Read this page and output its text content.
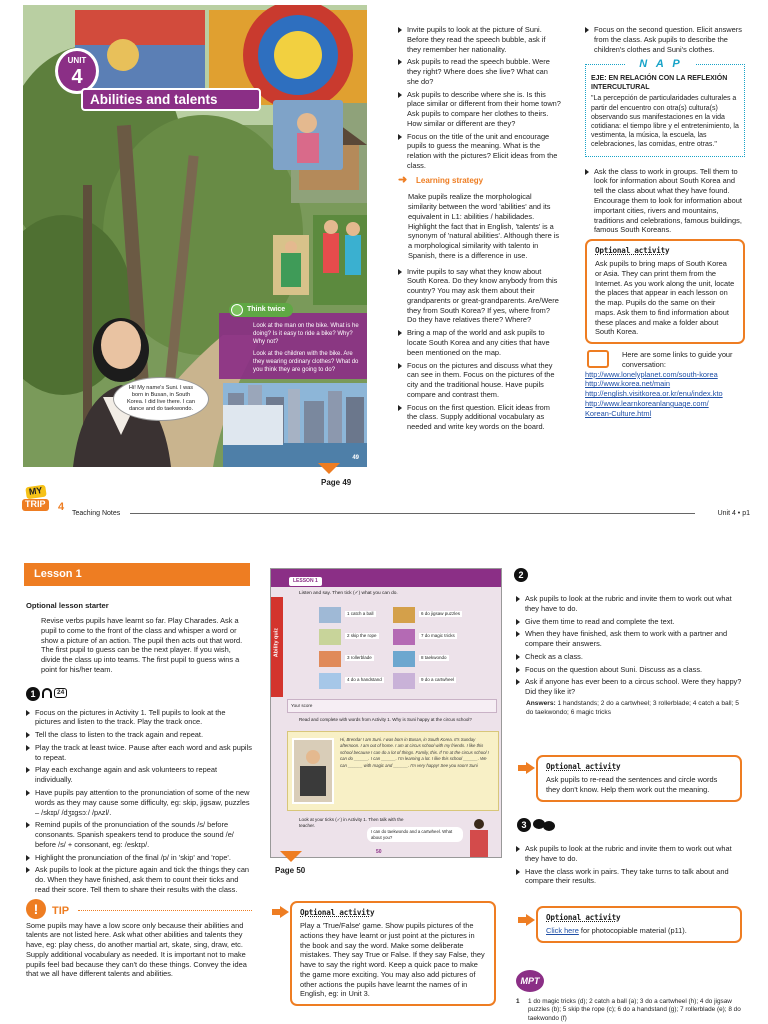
UNIT
4
Abilities and talents
Think twice

Look at the man on the bike. What is he doing? Is it easy to ride a bike? Why? Why not?

Look at the children with the bike. Are they wearing ordinary clothes? What do you think they are going to do?

Hi! My name's Suni. I was born in Busan, in South Korea. I did live there. I can dance and do taekwondo.
49
Page 49
Invite pupils to look at the picture of Suni. Before they read the speech bubble, ask if they remember her nationality.
Ask pupils to read the speech bubble. Were they right? Where does she live? What can she do?
Ask pupils to describe where she is. Is this place similar or different from their home town? Ask pupils to compare her clothes to theirs. How similar or different are they?
Focus on the title of the unit and encourage pupils to guess the meaning. What is the relation with the pictures? Elicit ideas from the class.
➜ Learning strategy

Make pupils realize the morphological similarity between the word 'abilities' and its equivalent in L1: abilities / habilidades. Highlight the fact that in English, 'talents' is a synonym of 'natural abilities'. Although there is a morphological similarity with talento in Spanish, there is a difference in use.

Invite pupils to say what they know about South Korea. Do they know anybody from this country? You may ask them about their grandparents or great-grandparents. Are/Were they from South Korea? If yes, where from? Do they have relatives there? Where?
Bring a map of the world and ask pupils to locate South Korea and any cities that have been mentioned on the map.
Focus on the pictures and discuss what they can see in them. Focus on the pictures of the city and the traditional house. Have pupils compare and contrast them.
Focus on the first question. Elicit ideas from the class. Supply additional vocabulary as needed and write key words on the board.
Focus on the second question. Elicit answers from the class. Ask pupils to describe the children's clothes and Suni's clothes.
N A P
EJE: EN RELACIÓN CON LA REFLEXIÓN INTERCULTURAL

"La percepción de particularidades culturales a partir del encuentro con otra(s) cultura(s) observando sus manifestaciones en la vida cotidiana: el tiempo libre y el entretenimiento, la vestimenta, la música, la escuela, las celebraciones, las comidas, entre otras."

Ask the class to work in groups. Tell them to look for information about South Korea and tell the class about what they have found. Encourage them to look for information about important cities, rivers and mountains, traditions and celebrations, famous buildings, famous South Koreans.
Optional activity

Ask pupils to bring maps of South Korea or Asia. They can print them from the Internet. As you work along the unit, locate the places that appear in each lesson on the map. Pupils do the same on their maps. Ask them to find information about these places and make a folder about South Korea.

Here are some links to guide your conversation:

http://www.lonelyplanet.com/south-korea
http://www.korea.net/main
http://english.visitkorea.or.kr/enu/index.kto
http://www.learnkoreanlanguage.com/
Korean-Culture.html
MY
TRIP 4
Teaching Notes	Unit 4 • p1
Lesson 1
Optional lesson starter

Revise verbs pupils have learnt so far. Play Charades. Ask a pupil to come to the front of the class and whisper a word or show a picture of an action. The pupil then acts out that word. The first pupil to guess can be the next player. If you wish, divide the class up into teams. The first pupil to guess wins a point for his/her team.

1	24
Focus on the pictures in Activity 1. Tell pupils to look at the pictures and listen to the track. Play the track once.
Tell the class to listen to the track again and repeat.
Play the track at least twice. Pause after each word and ask pupils to repeat.
Play each exchange again and ask volunteers to repeat individually.
Have pupils pay attention to the pronunciation of some of the new words as they may cause some difficulty, eg: skip, jigsaw, puzzles – /skɪp/ /dʒɪgsɔː/ /pʌzl/.
Remind pupils of the pronunciation of the sounds /s/ before consonants. Spanish speakers tend to produce the sound /e/ before /s/ + consonant, eg: /eskɪp/.
Highlight the pronunciation of the final /p/ in 'skip' and 'rope'.
Ask pupils to look at the picture again and tick the things they can do. When they have finished, ask them to count their ticks and read their score. Tell them to share their results with the class.
!	TIP

Some pupils may have a low score only because their abilities and talents are not listed here. Ask what other abilities and talents they have, eg: play chess, do another martial art, skate, sing, draw, etc. Supply additional vocabulary as needed. It is important not to make pupils feel bad because they can't do these things. Convey the idea that we all have different talents and abilities.

LESSON 1
Ability quiz
Listen and say. Then tick (✓) what you can do.
1 catch a ball	6 do jigsaw puzzles
2 skip the rope	7 do magic tricks
3 rollerblade	8 taekwondo
4 do a handstand	9 do a cartwheel
Your score
Read and complete with words from Activity 1. Why is Suni happy at the circus school?

Hi, Brenda! I am Suni. I was born in Busan, in South Korea. It's Sunday afternoon. I am out of home. I am at circus school with my friends. I like this school because I can do a lot of things. Family, this. If I'm at the circus school I can do ______. I can ______. I'm learning a lot. I like this school ______. We can ______ with magic and ______. I'm very happy! See you soon! Suni

Look at your ticks (✓) in Activity 1. Then talk with the teacher.
I can do taekwondo and a cartwheel. What about you?
50
Page 50
Optional activity

Play a 'True/False' game. Show pupils pictures of the actions they have learnt or just point at the pictures in the book and say the word. Make some deliberate mistakes. They say True or False. If they say False, they have to say the right word. Keep a quick pace to make the game more exciting. You may also add pictures of other actions the pupils have learnt the names of in English, eg: in Unit 3.

2
Ask pupils to look at the rubric and invite them to work out what they have to do.
Give them time to read and complete the text.
When they have finished, ask them to work with a partner and compare their answers.
Check as a class.
Focus on the question about Suni. Discuss as a class.
Ask if anyone has ever been to a circus school. Were they happy? Did they like it?

Answers: 1 handstands; 2 do a cartwheel; 3 rollerblade; 4 catch a ball; 5 do taekwondo; 6 magic tricks

Optional activity

Ask pupils to re-read the sentences and circle words they don't know. Help them work out the meaning.

3
Ask pupils to look at the rubric and invite them to work out what they have to do.
Have the class work in pairs. They take turns to talk about and compare their results.
Optional activity

Click here for photocopiable material (p11).

MPT
1 1 do magic tricks (d); 2 catch a ball (a); 3 do a cartwheel (h); 4 do jigsaw puzzles (b); 5 skip the rope (c); 6 do a handstand (g); 7 rollerblade (e); 8 do taekwondo (f)
